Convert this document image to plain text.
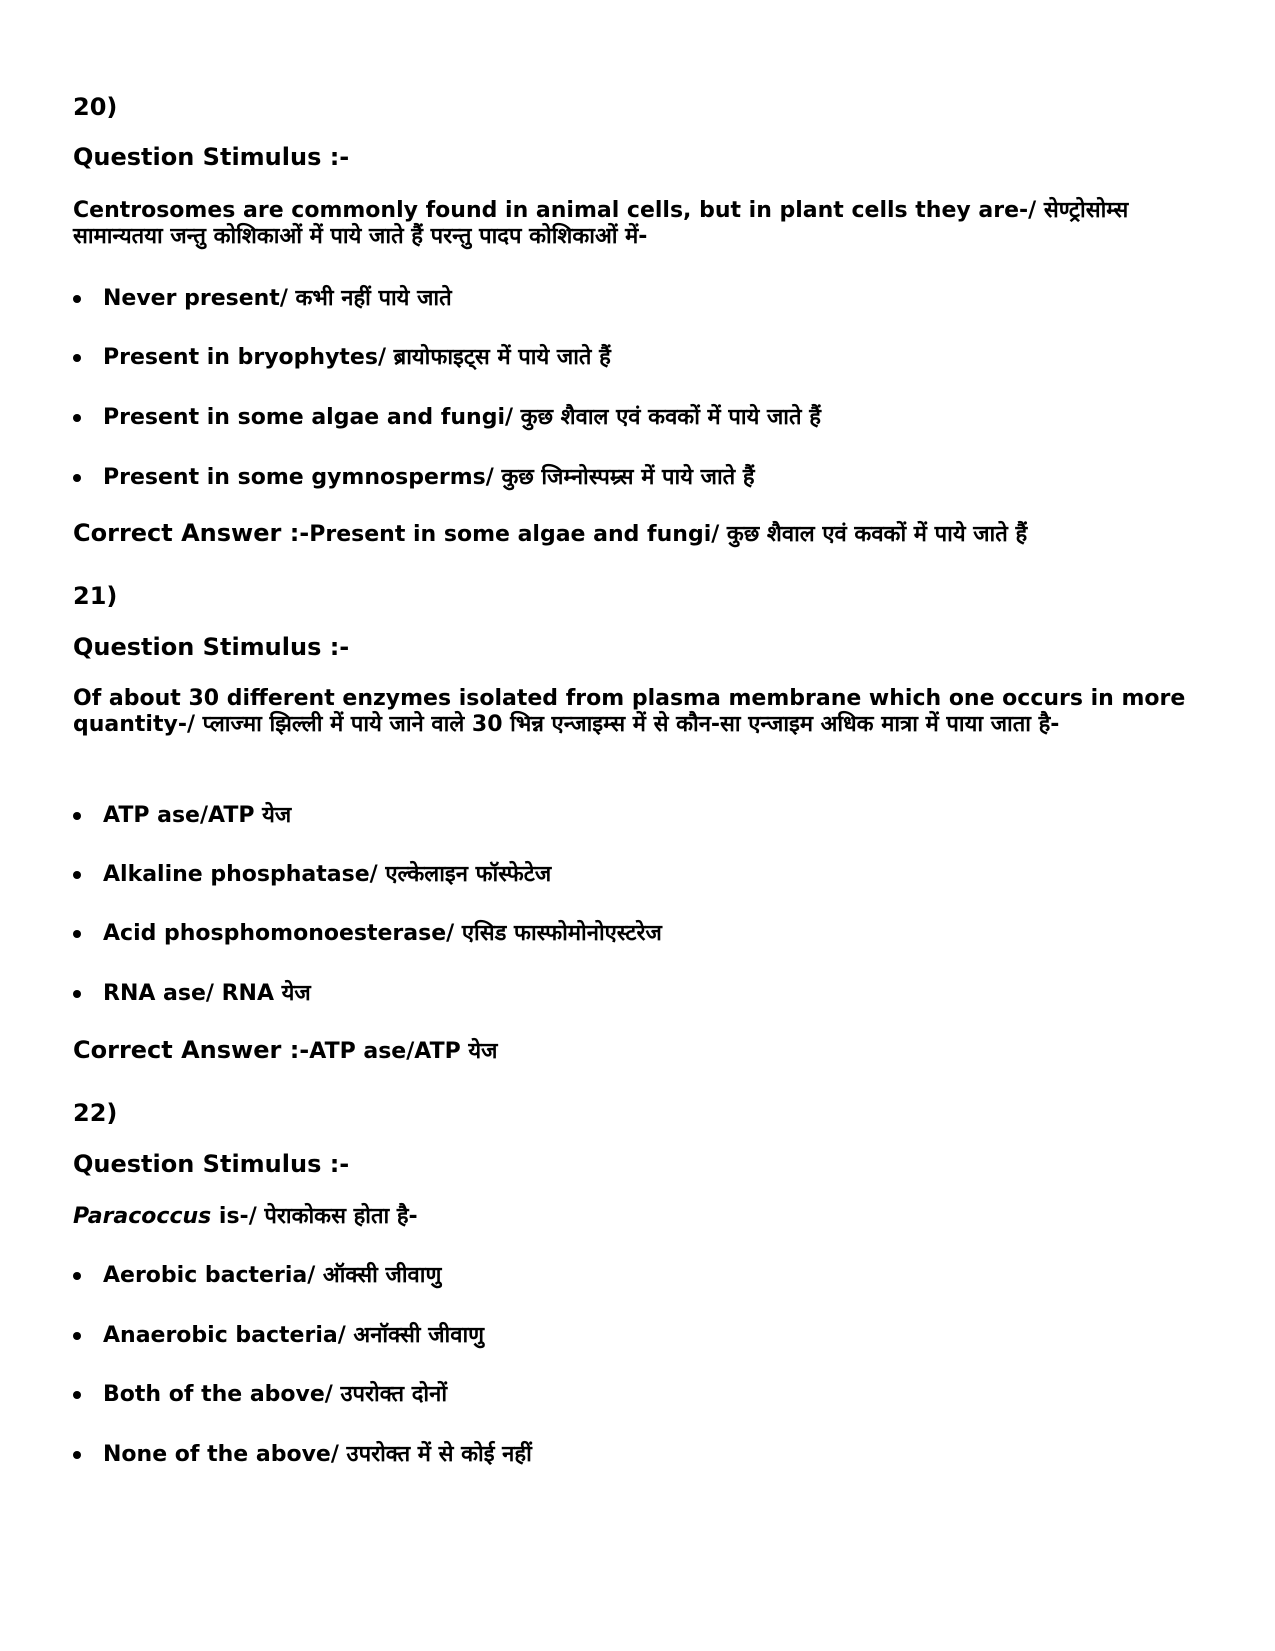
20)

Question Stimulus :-

Centrosomes are commonly found in animal cells, but in plant cells they are-/ सेण्ट्रोसोम्स सामान्यतया जन्तु कोशिकाओं में पाये जाते हैं परन्तु पादप कोशिकाओं में-

Never present/ कभी नहीं पाये जाते
Present in bryophytes/ ब्रायोफाइट्स में पाये जाते हैं
Present in some algae and fungi/ कुछ शैवाल एवं कवकों में पाये जाते हैं
Present in some gymnosperms/ कुछ जिम्नोस्पम्र्स में पाये जाते हैं

Correct Answer :-Present in some algae and fungi/ कुछ शैवाल एवं कवकों में पाये जाते हैं

21)

Question Stimulus :-

Of about 30 different enzymes isolated from plasma membrane which one occurs in more quantity-/ प्लाज्मा झिल्ली में पाये जाने वाले 30 भिन्न एन्जाइम्स में से कौन-सा एन्जाइम अधिक मात्रा में पाया जाता है-

ATP ase/ATP येज
Alkaline phosphatase/ एल्केलाइन फॉस्फेटेज
Acid phosphomonoesterase/ एसिड फास्फोमोनोएस्टरेज
RNA ase/ RNA येज

Correct Answer :-ATP ase/ATP येज

22)

Question Stimulus :-

Paracoccus is-/ पेराकोकस होता है-

Aerobic bacteria/ ऑक्सी जीवाणु
Anaerobic bacteria/ अनॉक्सी जीवाणु
Both of the above/ उपरोक्त दोनों
None of the above/ उपरोक्त में से कोई नहीं
